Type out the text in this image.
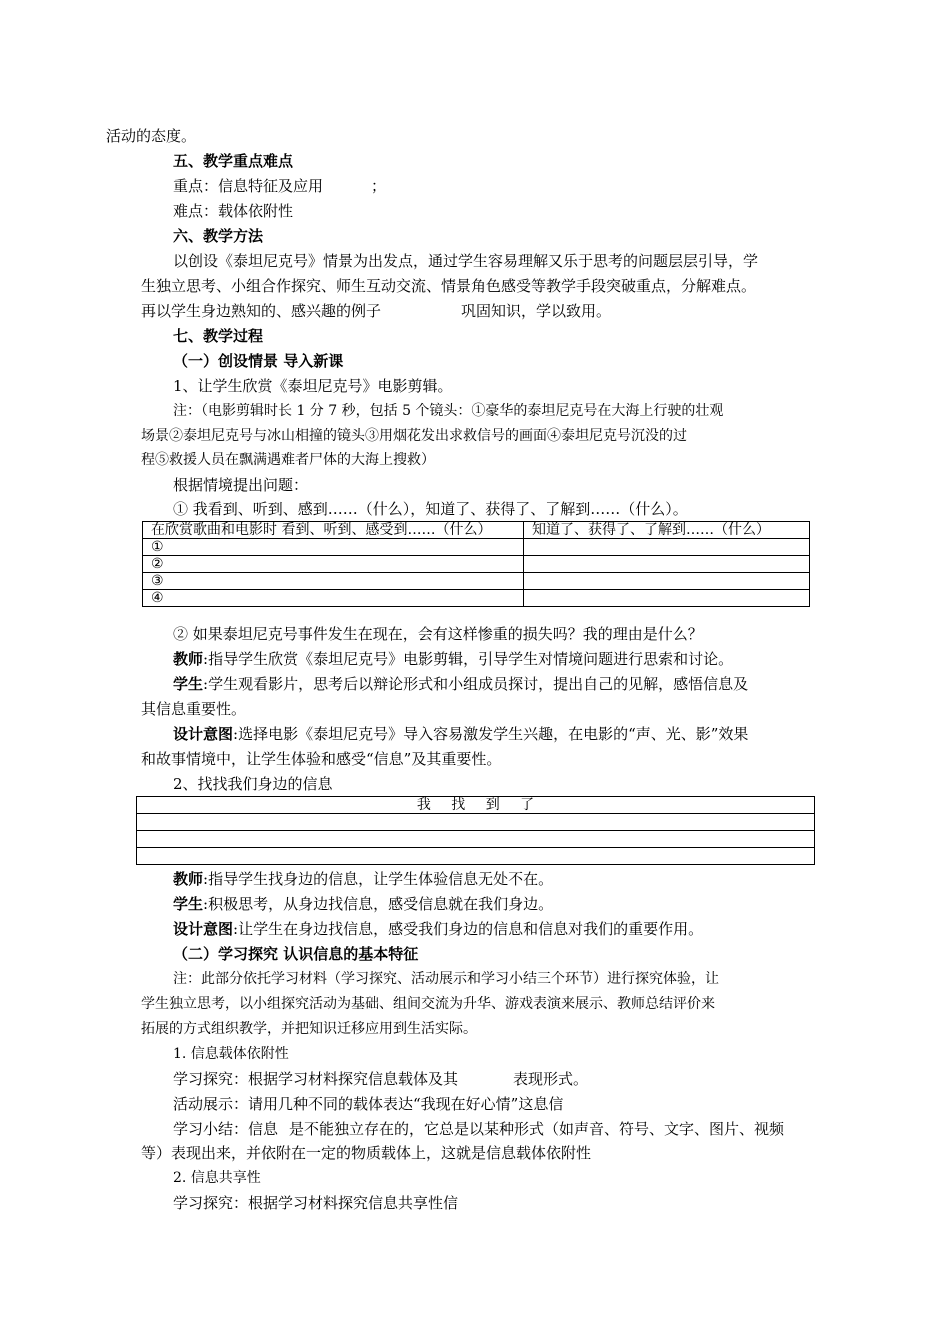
活动的态度。
五、教学重点难点
重点：信息特征及应用	；
难点：载体依附性
六、教学方法
以创设《泰坦尼克号》情景为出发点，通过学生容易理解又乐于思考的问题层层引导，学
生独立思考、小组合作探究、师生互动交流、情景角色感受等教学手段突破重点，分解难点。
再以学生身边熟知的、感兴趣的例子	巩固知识，学以致用。
七、教学过程
（一）创设情景 导入新课
1、让学生欣赏《泰坦尼克号》电影剪辑。
注：（电影剪辑时长 1 分 7 秒，包括 5 个镜头：①豪华的泰坦尼克号在大海上行驶的壮观
场景②泰坦尼克号与冰山相撞的镜头③用烟花发出求救信号的画面④泰坦尼克号沉没的过
程⑤救援人员在飘满遇难者尸体的大海上搜救）
根据情境提出问题：
① 我看到、听到、感到……（什么），知道了、获得了、了解到……（什么）。
在欣赏歌曲和电影时 看到、听到、感受到……（什么）	知道了、获得了、了解到……（什么）
①	
②	
③	
④	
② 如果泰坦尼克号事件发生在现在，会有这样惨重的损失吗？我的理由是什么？
教师:指导学生欣赏《泰坦尼克号》电影剪辑，引导学生对情境问题进行思索和讨论。
学生:学生观看影片，思考后以辩论形式和小组成员探讨，提出自己的见解，感悟信息及
其信息重要性。
设计意图:选择电影《泰坦尼克号》导入容易激发学生兴趣，在电影的“声、光、影”效果
和故事情境中，让学生体验和感受“信息”及其重要性。
2、找找我们身边的信息
我 找 到 了

教师:指导学生找身边的信息，让学生体验信息无处不在。
学生:积极思考，从身边找信息，感受信息就在我们身边。
设计意图:让学生在身边找信息，感受我们身边的信息和信息对我们的重要作用。
（二）学习探究 认识信息的基本特征
注：此部分依托学习材料（学习探究、活动展示和学习小结三个环节）进行探究体验，让
学生独立思考，以小组探究活动为基础、组间交流为升华、游戏表演来展示、教师总结评价来
拓展的方式组织教学，并把知识迁移应用到生活实际。
1. 信息载体依附性
学习探究：根据学习材料探究信息载体及其	表现形式。
活动展示：请用几种不同的载体表达“我现在好心情”这息信
学习小结：信息 是不能独立存在的，它总是以某种形式（如声音、符号、文字、图片、视频
等）表现出来，并依附在一定的物质载体上，这就是信息载体依附性
2. 信息共享性
学习探究：根据学习材料探究信息共享性信
